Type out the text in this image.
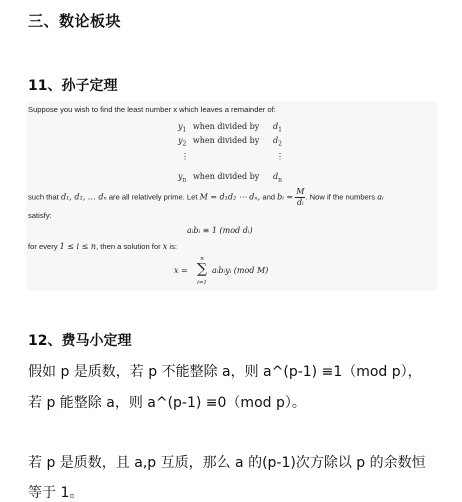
三、数论板块
11、孙子定理
Suppose you wish to find the least number x which leaves a remainder of:
$y_1$ when divided by $d_1$
$y_2$ when divided by $d_2$
⋮	⋮
$y_n$ when divided by $d_n$
such that d₁, d₂, … dₙ are all relatively prime. Let M = d₁d₂ ⋯ dₙ, and bᵢ = $\frac{M}{\text{dᵢ}}$ . Now if the numbers aᵢ
satisfy:
aᵢbᵢ ≡ 1 (mod dᵢ)
for every 1 ≤ i ≤ n, then a solution for x is:
x =
n
∑
i=1
aᵢbᵢyᵢ (mod M)
12、费马小定理
假如 p 是质数，若 p 不能整除 a，则 a^(p-1) ≡1（mod p），
若 p 能整除 a，则 a^(p-1) ≡0（mod p）。
若 p 是质数，且 a,p 互质，那么 a 的(p-1)次方除以 p 的余数恒
等于 1。
